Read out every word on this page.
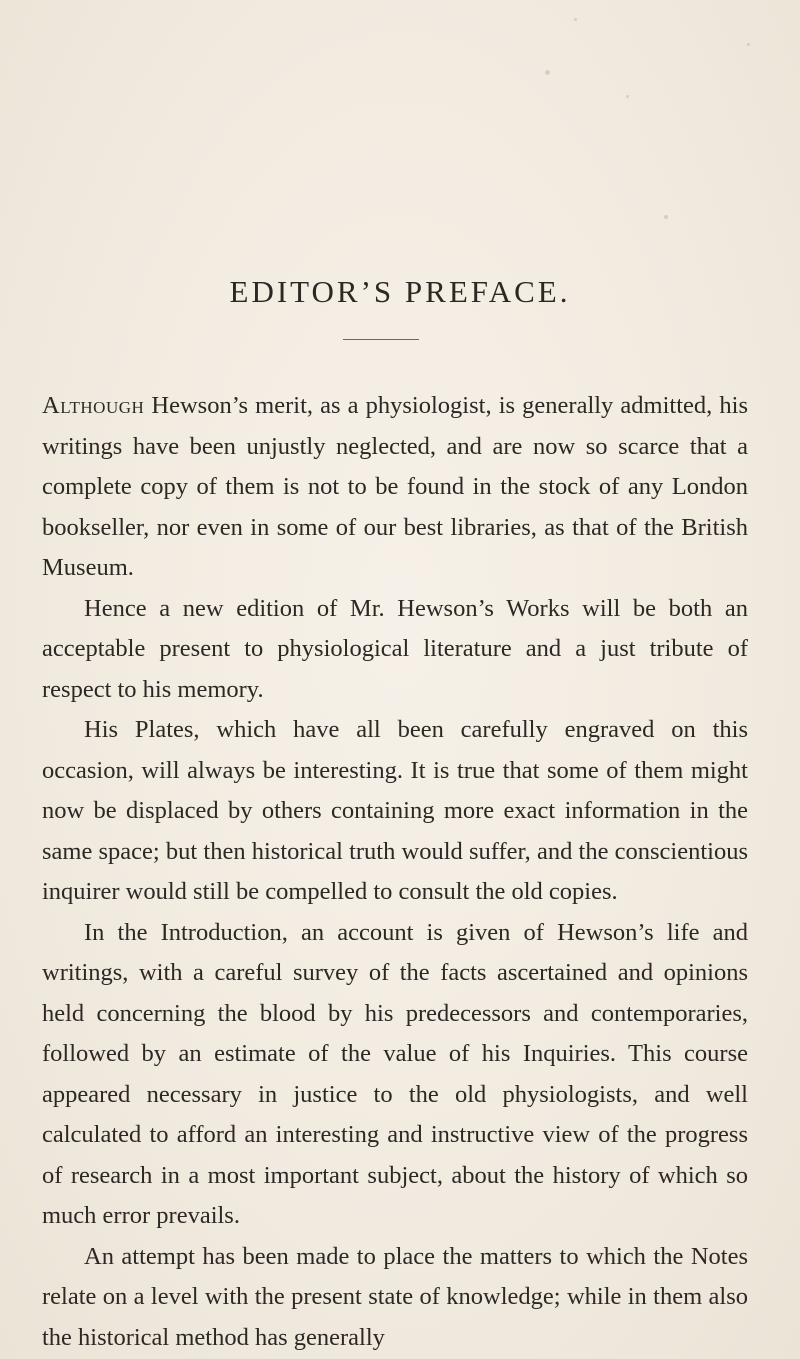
EDITOR’S PREFACE.

Although Hewson’s merit, as a physiologist, is generally admitted, his writings have been unjustly neglected, and are now so scarce that a complete copy of them is not to be found in the stock of any London bookseller, nor even in some of our best libraries, as that of the British Museum.

Hence a new edition of Mr. Hewson’s Works will be both an acceptable present to physiological literature and a just tribute of respect to his memory.

His Plates, which have all been carefully engraved on this occasion, will always be interesting. It is true that some of them might now be displaced by others containing more exact information in the same space; but then historical truth would suffer, and the conscientious inquirer would still be compelled to consult the old copies.

In the Introduction, an account is given of Hewson’s life and writings, with a careful survey of the facts ascertained and opinions held concerning the blood by his predecessors and contemporaries, followed by an estimate of the value of his Inquiries. This course appeared necessary in justice to the old physiologists, and well calculated to afford an interesting and instructive view of the progress of research in a most important subject, about the history of which so much error prevails.

An attempt has been made to place the matters to which the Notes relate on a level with the present state of knowledge; while in them also the historical method has generally
